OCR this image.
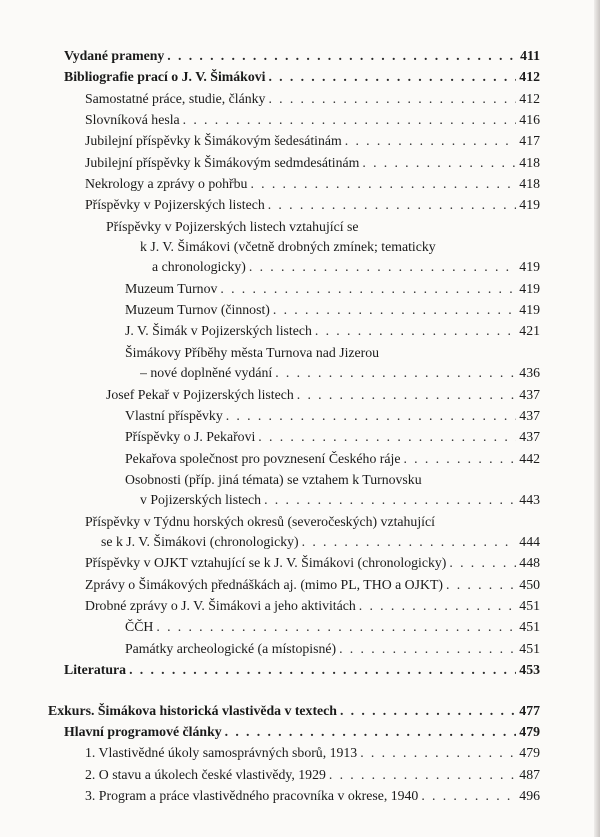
Vydané prameny	411
. . .
Bibliografie prací o J. V. Šimákovi	412
. . .
Samostatné práce, studie, články	412
. . .
Slovníková hesla	416
. . .
Jubilejní příspěvky k Šimákovým šedesátinám	417
. . .
Jubilejní příspěvky k Šimákovým sedmdesátinám	418
. . .
Nekrology a zprávy o pohřbu	418
. . .
Příspěvky v Pojizerských listech	419
. . .
Příspěvky v Pojizerských listech vztahující se
k J. V. Šimákovi (včetně drobných zmínek; tematicky
a chronologicky)	419
. . .
Muzeum Turnov	419
. . .
Muzeum Turnov (činnost)	419
. . .
J. V. Šimák v Pojizerských listech	421
. . .
Šimákovy Příběhy města Turnova nad Jizerou
– nové doplněné vydání	436
. . .
Josef Pekař v Pojizerských listech	437
. . .
Vlastní příspěvky	437
. . .
Příspěvky o J. Pekařovi	437
. . .
Pekařova společnost pro povznesení Českého ráje	442
. . .
Osobnosti (příp. jiná témata) se vztahem k Turnovsku
v Pojizerských listech	443
. . .
Příspěvky v Týdnu horských okresů (severočeských) vztahující
se k J. V. Šimákovi (chronologicky)	444
. . .
Příspěvky v OJKT vztahující se k J. V. Šimákovi (chronologicky)	448
. . .
Zprávy o Šimákových přednáškách aj. (mimo PL, THO a OJKT)	450
. . .
Drobné zprávy o J. V. Šimákovi a jeho aktivitách	451
. . .
ČČH	451
. . .
Památky archeologické (a místopisné)	451
. . .
Literatura	453
. . .
Exkurs. Šimákova historická vlastivěda v textech	477
. . .
Hlavní programové články	479
. . .
1. Vlastivědné úkoly samosprávných sborů, 1913	479
. . .
2. O stavu a úkolech české vlastivědy, 1929	487
. . .
3. Program a práce vlastivědného pracovníka v okrese, 1940	496
. . .
